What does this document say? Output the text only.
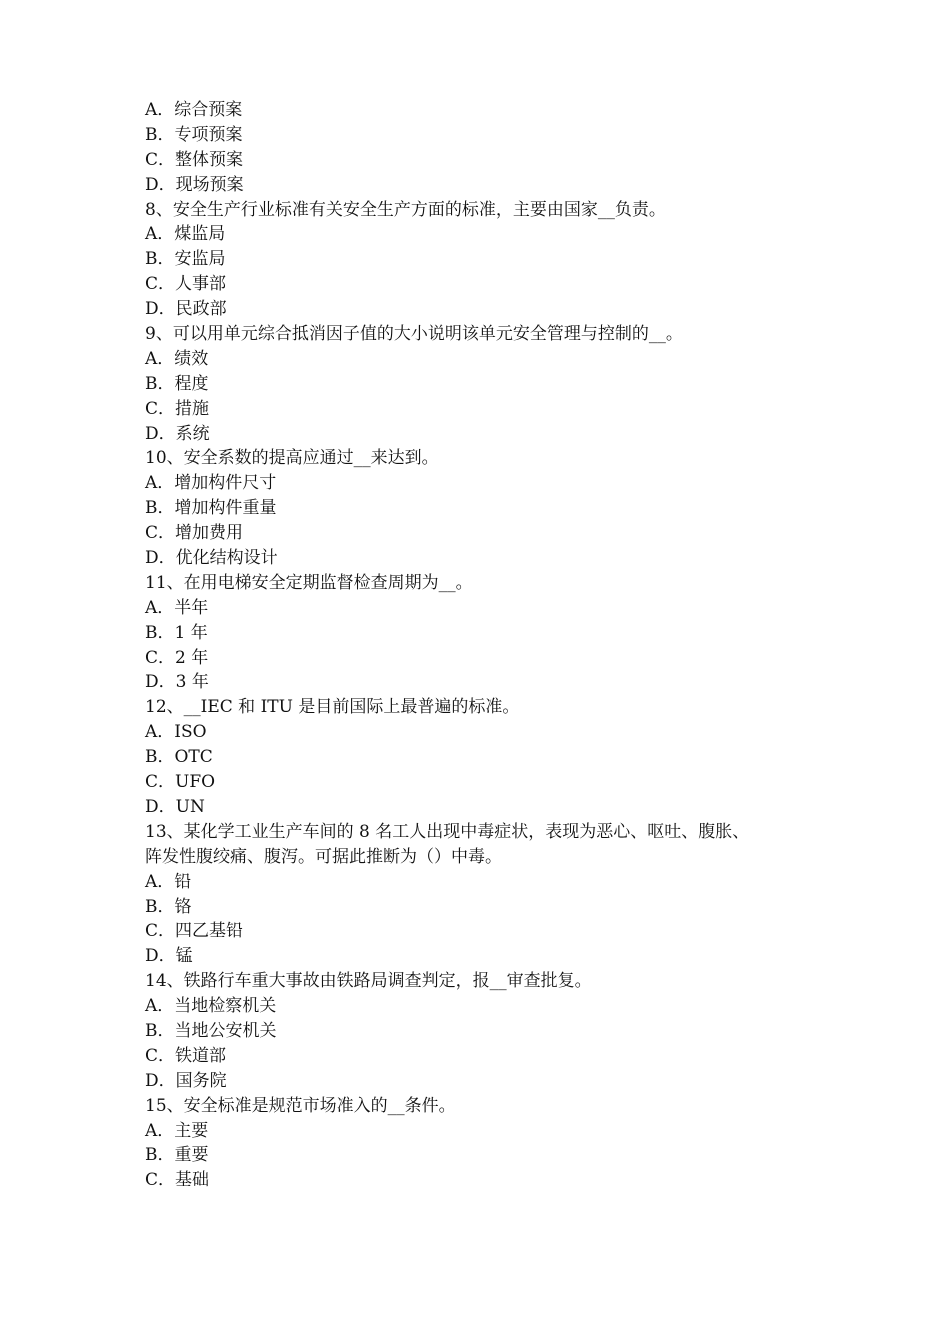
A．综合预案
B．专项预案
C．整体预案
D．现场预案
8、安全生产行业标准有关安全生产方面的标准，主要由国家__负责。
A．煤监局
B．安监局
C．人事部
D．民政部
9、可以用单元综合抵消因子值的大小说明该单元安全管理与控制的__。
A．绩效
B．程度
C．措施
D．系统
10、安全系数的提高应通过__来达到。
A．增加构件尺寸
B．增加构件重量
C．增加费用
D．优化结构设计
11、在用电梯安全定期监督检查周期为__。
A．半年
B．1 年
C．2 年
D．3 年
12、__IEC 和 ITU 是目前国际上最普遍的标准。
A．ISO
B．OTC
C．UFO
D．UN
13、某化学工业生产车间的 8 名工人出现中毒症状，表现为恶心、呕吐、腹胀、
阵发性腹绞痛、腹泻。可据此推断为（）中毒。
A．铅
B．铬
C．四乙基铅
D．锰
14、铁路行车重大事故由铁路局调查判定，报__审查批复。
A．当地检察机关
B．当地公安机关
C．铁道部
D．国务院
15、安全标准是规范市场准入的__条件。
A．主要
B．重要
C．基础
